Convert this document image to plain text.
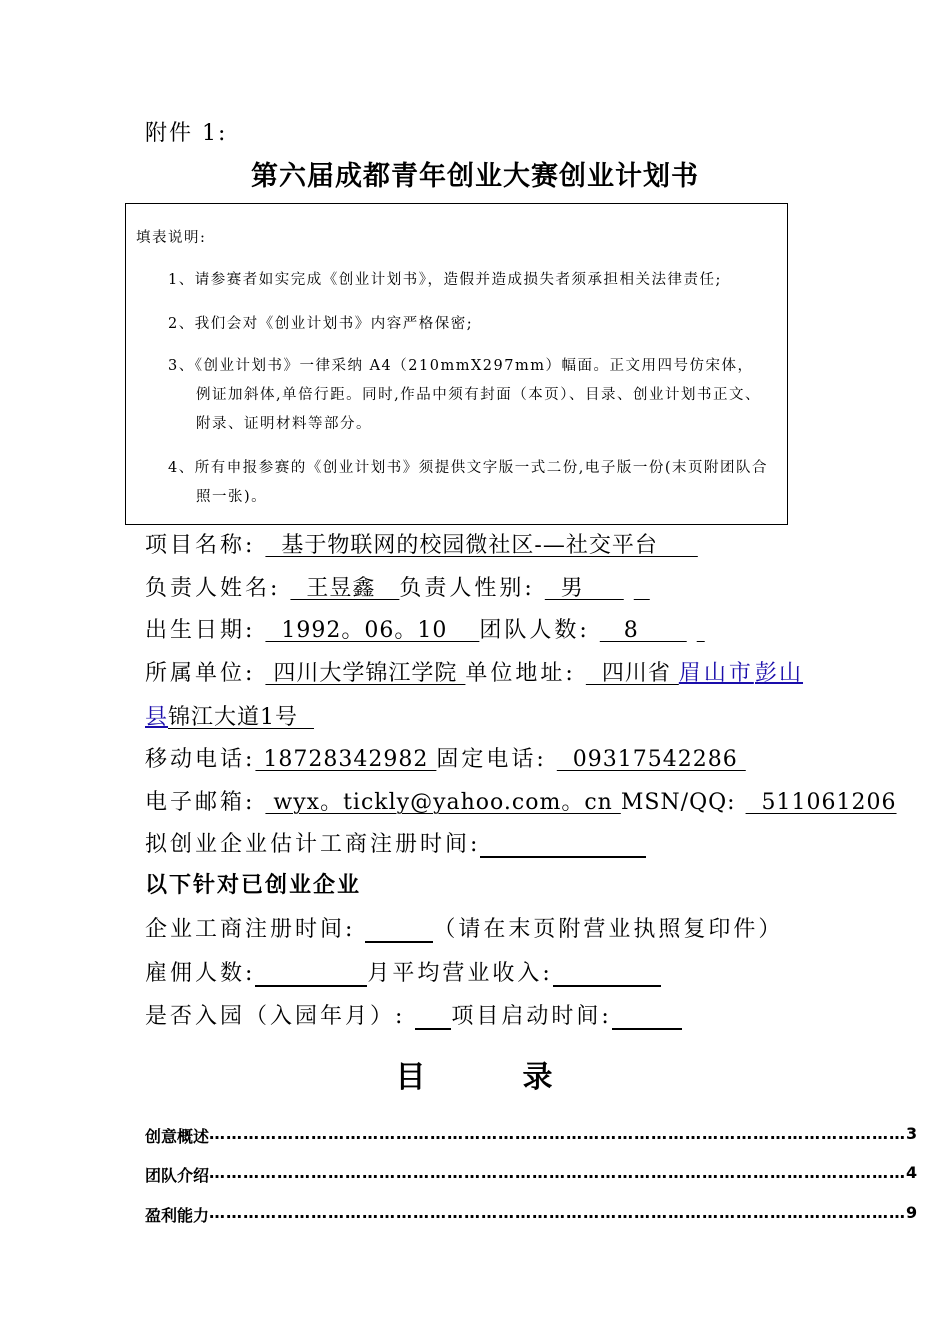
附件 1:
第六届成都青年创业大赛创业计划书
填表说明:
1、请参赛者如实完成《创业计划书》，造假并造成损失者须承担相关法律责任;
2、我们会对《创业计划书》内容严格保密;
3、《创业计划书》一律采纳 A4（210mmX297mm）幅面。正文用四号仿宋体，例证加斜体,单倍行距。同时,作品中须有封面（本页）、目录、创业计划书正文、附录、证明材料等部分。
4、所有申报参赛的《创业计划书》须提供文字版一式二份,电子版一份(末页附团队合照一张)。
项目名称:   基于物联网的校园微社区-—社交平台
负责人姓名:   王昱鑫   负责人性别:   男
出生日期:   1992。06。10    团队人数:    8
所属单位:  四川大学锦江学院 单位地址:   四川省 眉山市 彭山
县锦江大道1号
移动电话: 18728342982 固定电话:   09317542286
电子邮箱:  wyx。tickly@yahoo.com。cn MSN/QQ:   511061206
拟创业企业估计工商注册时间:
以下针对已创业企业
企业工商注册时间:	（请在末页附营业执照复印件）
雇佣人数:	月平均营业收入:
是否入园（入园年月）: 项目启动时间:
目	录
创意概述 …………………………………………………………………………………………………………… 3
团队介绍 …………………………………………………………………………………………………………… 4
盈利能力 …………………………………………………………………………………………………………… 9
